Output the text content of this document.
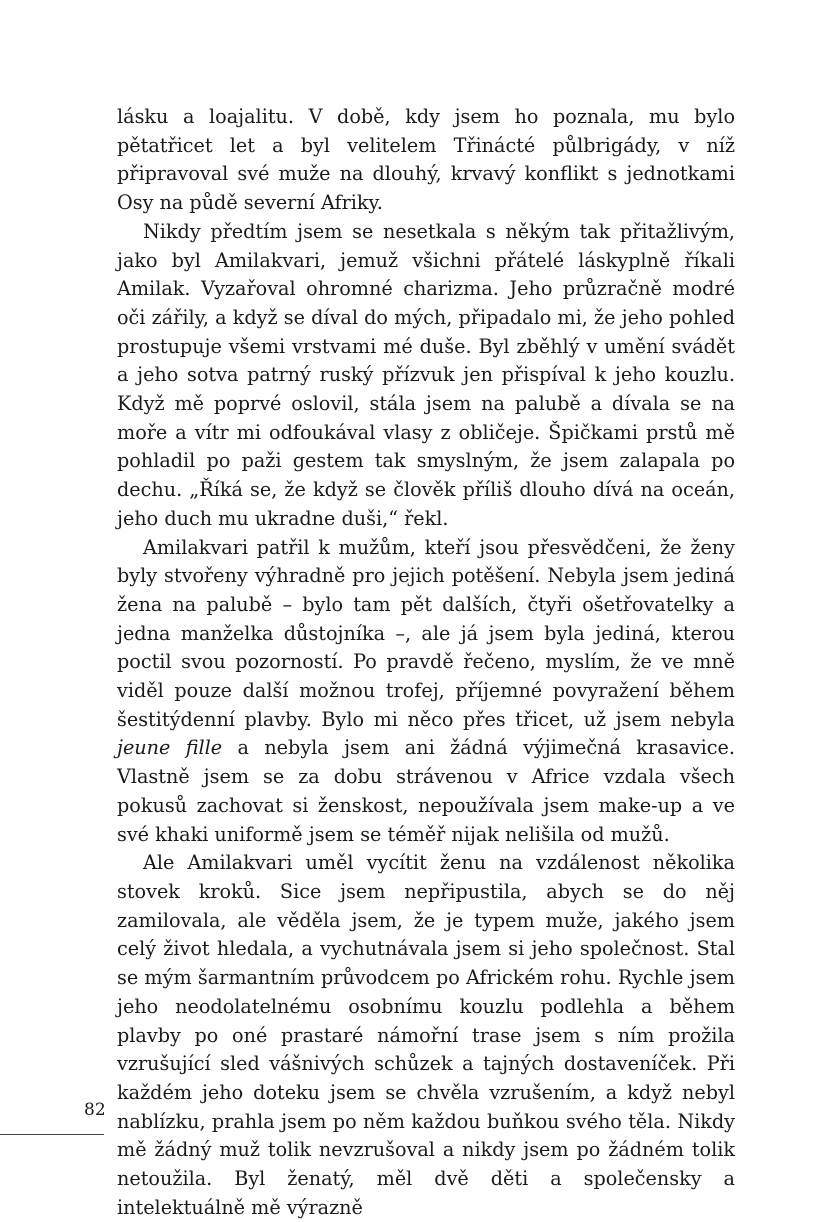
lásku a loajalitu. V době, kdy jsem ho poznala, mu bylo pětatřicet let a byl velitelem Třinácté půlbrigády, v níž připravoval své muže na dlouhý, krvavý konflikt s jednotkami Osy na půdě severní Afriky.

Nikdy předtím jsem se nesetkala s někým tak přitažlivým, jako byl Amilakvari, jemuž všichni přátelé láskyplně říkali Amilak. Vyzařoval ohromné charizma. Jeho průzračně modré oči zářily, a když se díval do mých, připadalo mi, že jeho pohled prostupuje všemi vrstvami mé duše. Byl zběhlý v umění svádět a jeho sotva patrný ruský přízvuk jen přispíval k jeho kouzlu. Když mě poprvé oslovil, stála jsem na palubě a dívala se na moře a vítr mi odfoukával vlasy z obličeje. Špičkami prstů mě pohladil po paži gestem tak smyslným, že jsem zalapala po dechu. „Říká se, že když se člověk příliš dlouho dívá na oceán, jeho duch mu ukradne duši,“ řekl.

Amilakvari patřil k mužům, kteří jsou přesvědčeni, že ženy byly stvořeny výhradně pro jejich potěšení. Nebyla jsem jediná žena na palubě – bylo tam pět dalších, čtyři ošetřovatelky a jedna manželka důstojníka –, ale já jsem byla jediná, kterou poctil svou pozorností. Po pravdě řečeno, myslím, že ve mně viděl pouze další možnou trofej, příjemné povyražení během šestitýdenní plavby. Bylo mi něco přes třicet, už jsem nebyla jeune fille a nebyla jsem ani žádná výjimečná krasavice. Vlastně jsem se za dobu strávenou v Africe vzdala všech pokusů zachovat si ženskost, nepoužívala jsem make-up a ve své khaki uniformě jsem se téměř nijak nelišila od mužů.

Ale Amilakvari uměl vycítit ženu na vzdálenost několika stovek kroků. Sice jsem nepřipustila, abych se do něj zamilovala, ale věděla jsem, že je typem muže, jakého jsem celý život hledala, a vychutnávala jsem si jeho společnost. Stal se mým šarmantním průvodcem po Africkém rohu. Rychle jsem jeho neodolatelnému osobnímu kouzlu podlehla a během plavby po oné prastaré námořní trase jsem s ním prožila vzrušující sled vášnivých schůzek a tajných dostaveníček. Při každém jeho doteku jsem se chvěla vzrušením, a když nebyl nablízku, prahla jsem po něm každou buňkou svého těla. Nikdy mě žádný muž tolik nevzrušoval a nikdy jsem po žádném tolik netoužila. Byl ženatý, měl dvě děti a společensky a intelektuálně mě výrazně

82
